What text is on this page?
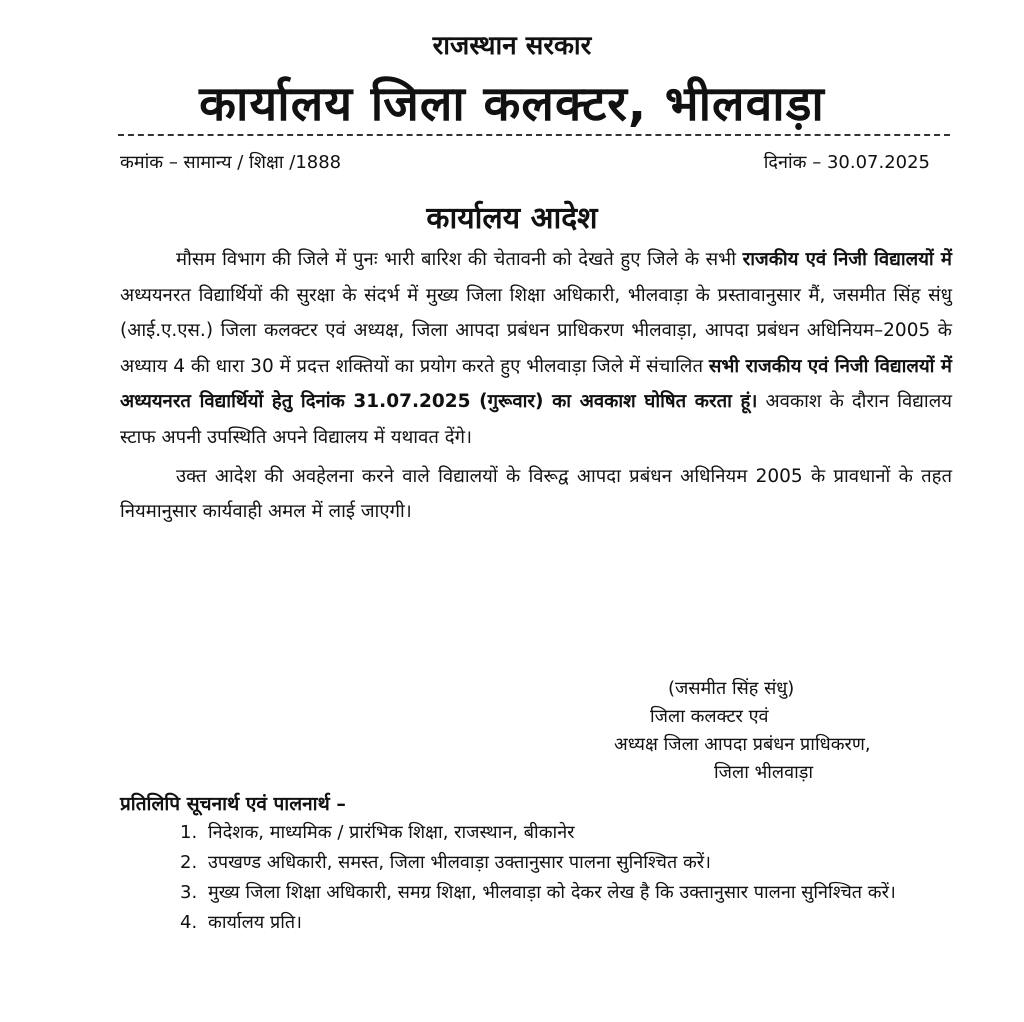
राजस्थान सरकार
कार्यालय जिला कलक्टर, भीलवाड़ा
कमांक – सामान्य / शिक्षा /1888	दिनांक – 30.07.2025
कार्यालय आदेश

मौसम विभाग की जिले में पुनः भारी बारिश की चेतावनी को देखते हुए जिले के सभी राजकीय एवं निजी विद्यालयों में अध्ययनरत विद्यार्थियों की सुरक्षा के संदर्भ में मुख्य जिला शिक्षा अधिकारी, भीलवाड़ा के प्रस्तावानुसार मैं, जसमीत सिंह संधु (आई.ए.एस.) जिला कलक्टर एवं अध्यक्ष, जिला आपदा प्रबंधन प्राधिकरण भीलवाड़ा, आपदा प्रबंधन अधिनियम–2005 के अध्याय 4 की धारा 30 में प्रदत्त शक्तियों का प्रयोग करते हुए भीलवाड़ा जिले में संचालित सभी राजकीय एवं निजी विद्यालयों में अध्ययनरत विद्यार्थियों हेतु दिनांक 31.07.2025 (गुरूवार) का अवकाश घोषित करता हूं। अवकाश के दौरान विद्यालय स्टाफ अपनी उपस्थिति अपने विद्यालय में यथावत देंगे।

उक्त आदेश की अवहेलना करने वाले विद्यालयों के विरूद्व आपदा प्रबंधन अधिनियम 2005 के प्रावधानों के तहत नियमानुसार कार्यवाही अमल में लाई जाएगी।

(जसमीत सिंह संधु)
जिला कलक्टर एवं
अध्यक्ष जिला आपदा प्रबंधन प्राधिकरण,
जिला भीलवाड़ा
प्रतिलिपि सूचनार्थ एवं पालनार्थ –
1. निदेशक, माध्यमिक / प्रारंभिक शिक्षा, राजस्थान, बीकानेर
2. उपखण्ड अधिकारी, समस्त, जिला भीलवाड़ा उक्तानुसार पालना सुनिश्चित करें।
3. मुख्य जिला शिक्षा अधिकारी, समग्र शिक्षा, भीलवाड़ा को देकर लेख है कि उक्तानुसार पालना सुनिश्चित करें।
4. कार्यालय प्रति।
